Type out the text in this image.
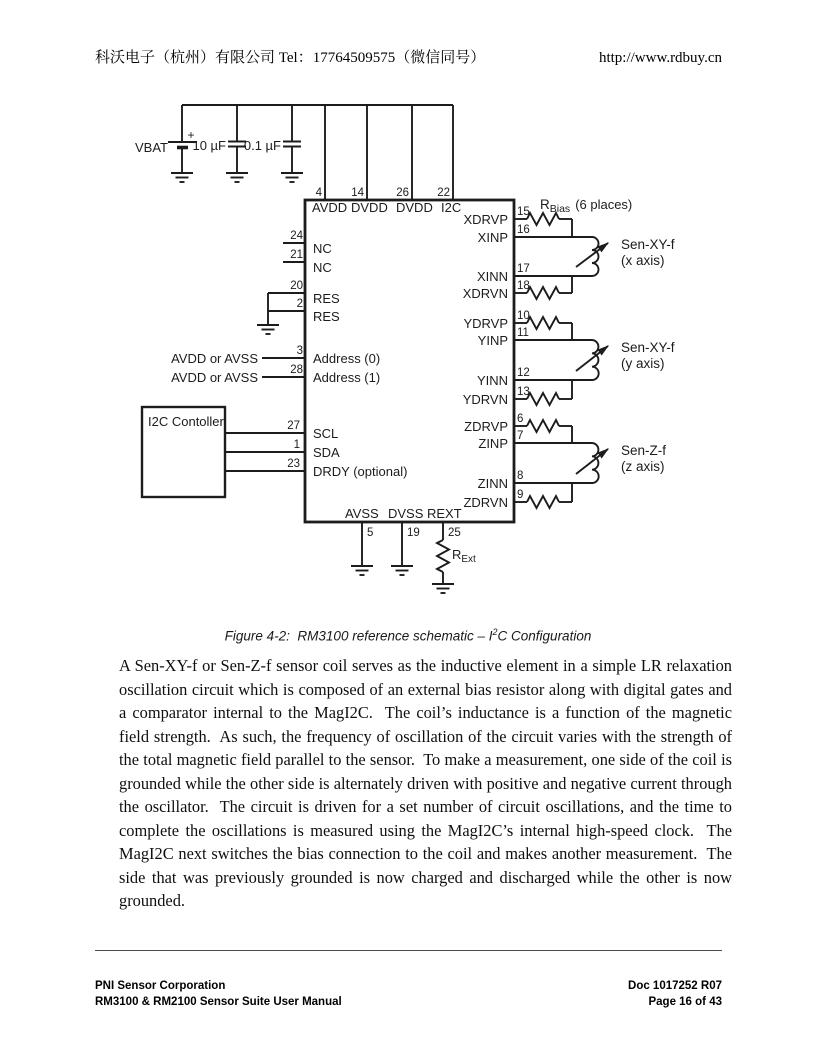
科沃电子（杭州）有限公司 Tel：17764509575（微信同号）	http://www.rdbuy.cn
VBAT
+
10 µF 0.1 µF
4	14	26 22
AVDD DVDD DVDD I2C
24
21
20
2
3
28
27
1
23
NC
NC
RES
RES
Address (0)
Address (1)
SCL
SDA
DRDY (optional)
AVDD or AVSS
AVDD or AVSS
I2C Contoller
AVSS DVSS REXT
5	19 25
$R_{Ext}$
15
16
17
18
XDRVP
XINP
XINN
XDRVN
$R_{Bias}$ (6 places)
Sen-XY-f
(x axis)
10
11
12
13
YDRVP
YINP
YINN
YDRVN
Sen-XY-f
(y axis)
6
7
8
9
ZDRVP
ZINP
ZINN
ZDRVN
Sen-Z-f
(z axis)
Figure 4-2:  RM3100 reference schematic – $I^2C$ Configuration
A Sen-XY-f or Sen-Z-f sensor coil serves as the inductive element in a simple LR relaxation oscillation circuit which is composed of an external bias resistor along with digital gates and a comparator internal to the MagI2C.  The coil’s inductance is a function of the magnetic field strength.  As such, the frequency of oscillation of the circuit varies with the strength of the total magnetic field parallel to the sensor.  To make a measurement, one side of the coil is grounded while the other side is alternately driven with positive and negative current through the oscillator.  The circuit is driven for a set number of circuit oscillations, and the time to complete the oscillations is measured using the MagI2C’s internal high-speed clock.  The MagI2C next switches the bias connection to the coil and makes another measurement.  The side that was previously grounded is now charged and discharged while the other is now grounded.
PNI Sensor Corporation
RM3100 & RM2100 Sensor Suite User Manual
Doc 1017252 R07
Page 16 of 43
